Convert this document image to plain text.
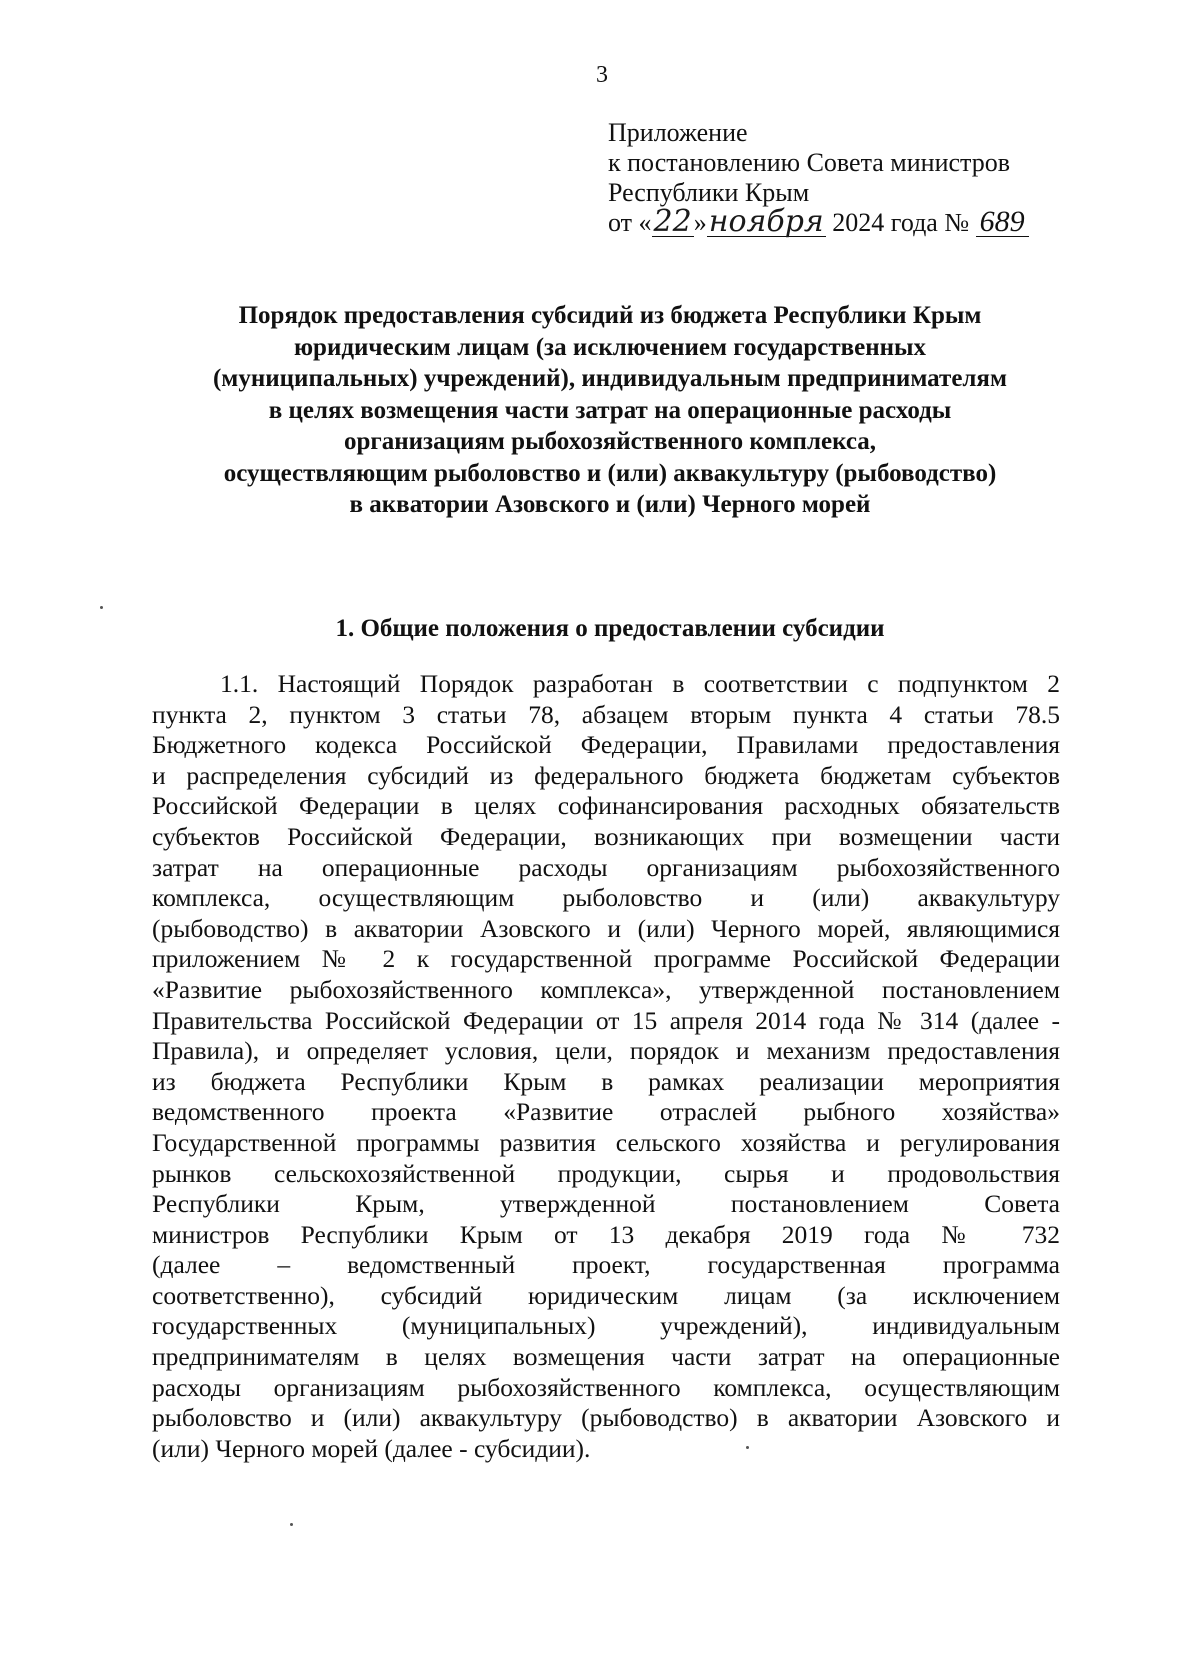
3
Приложение
к постановлению Совета министров
Республики Крым
от «22»ноября 2024 года № 689
Порядок предоставления субсидий из бюджета Республики Крым
юридическим лицам (за исключением государственных
(муниципальных) учреждений), индивидуальным предпринимателям
в целях возмещения части затрат на операционные расходы
организациям рыбохозяйственного комплекса,
осуществляющим рыболовство и (или) аквакультуру (рыбоводство)
в акватории Азовского и (или) Черного морей
1. Общие положения о предоставлении субсидии
1.1. Настоящий Порядок разработан в соответствии с подпунктом 2
пункта 2, пунктом 3 статьи 78, абзацем вторым пункта 4 статьи 78.5
Бюджетного кодекса Российской Федерации, Правилами предоставления
и распределения субсидий из федерального бюджета бюджетам субъектов
Российской Федерации в целях софинансирования расходных обязательств
субъектов Российской Федерации, возникающих при возмещении части
затрат на операционные расходы организациям рыбохозяйственного
комплекса, осуществляющим рыболовство и (или) аквакультуру
(рыбоводство) в акватории Азовского и (или) Черного морей, являющимися
приложением № 2 к государственной программе Российской Федерации
«Развитие рыбохозяйственного комплекса», утвержденной постановлением
Правительства Российской Федерации от 15 апреля 2014 года № 314 (далее -
Правила), и определяет условия, цели, порядок и механизм предоставления
из бюджета Республики Крым в рамках реализации мероприятия
ведомственного проекта «Развитие отраслей рыбного хозяйства»
Государственной программы развития сельского хозяйства и регулирования
рынков сельскохозяйственной продукции, сырья и продовольствия
Республики Крым, утвержденной постановлением Совета
министров Республики Крым от 13 декабря 2019 года № 732
(далее – ведомственный проект, государственная программа
соответственно), субсидий юридическим лицам (за исключением
государственных (муниципальных) учреждений), индивидуальным
предпринимателям в целях возмещения части затрат на операционные
расходы организациям рыбохозяйственного комплекса, осуществляющим
рыболовство и (или) аквакультуру (рыбоводство) в акватории Азовского и
(или) Черного морей (далее - субсидии).
